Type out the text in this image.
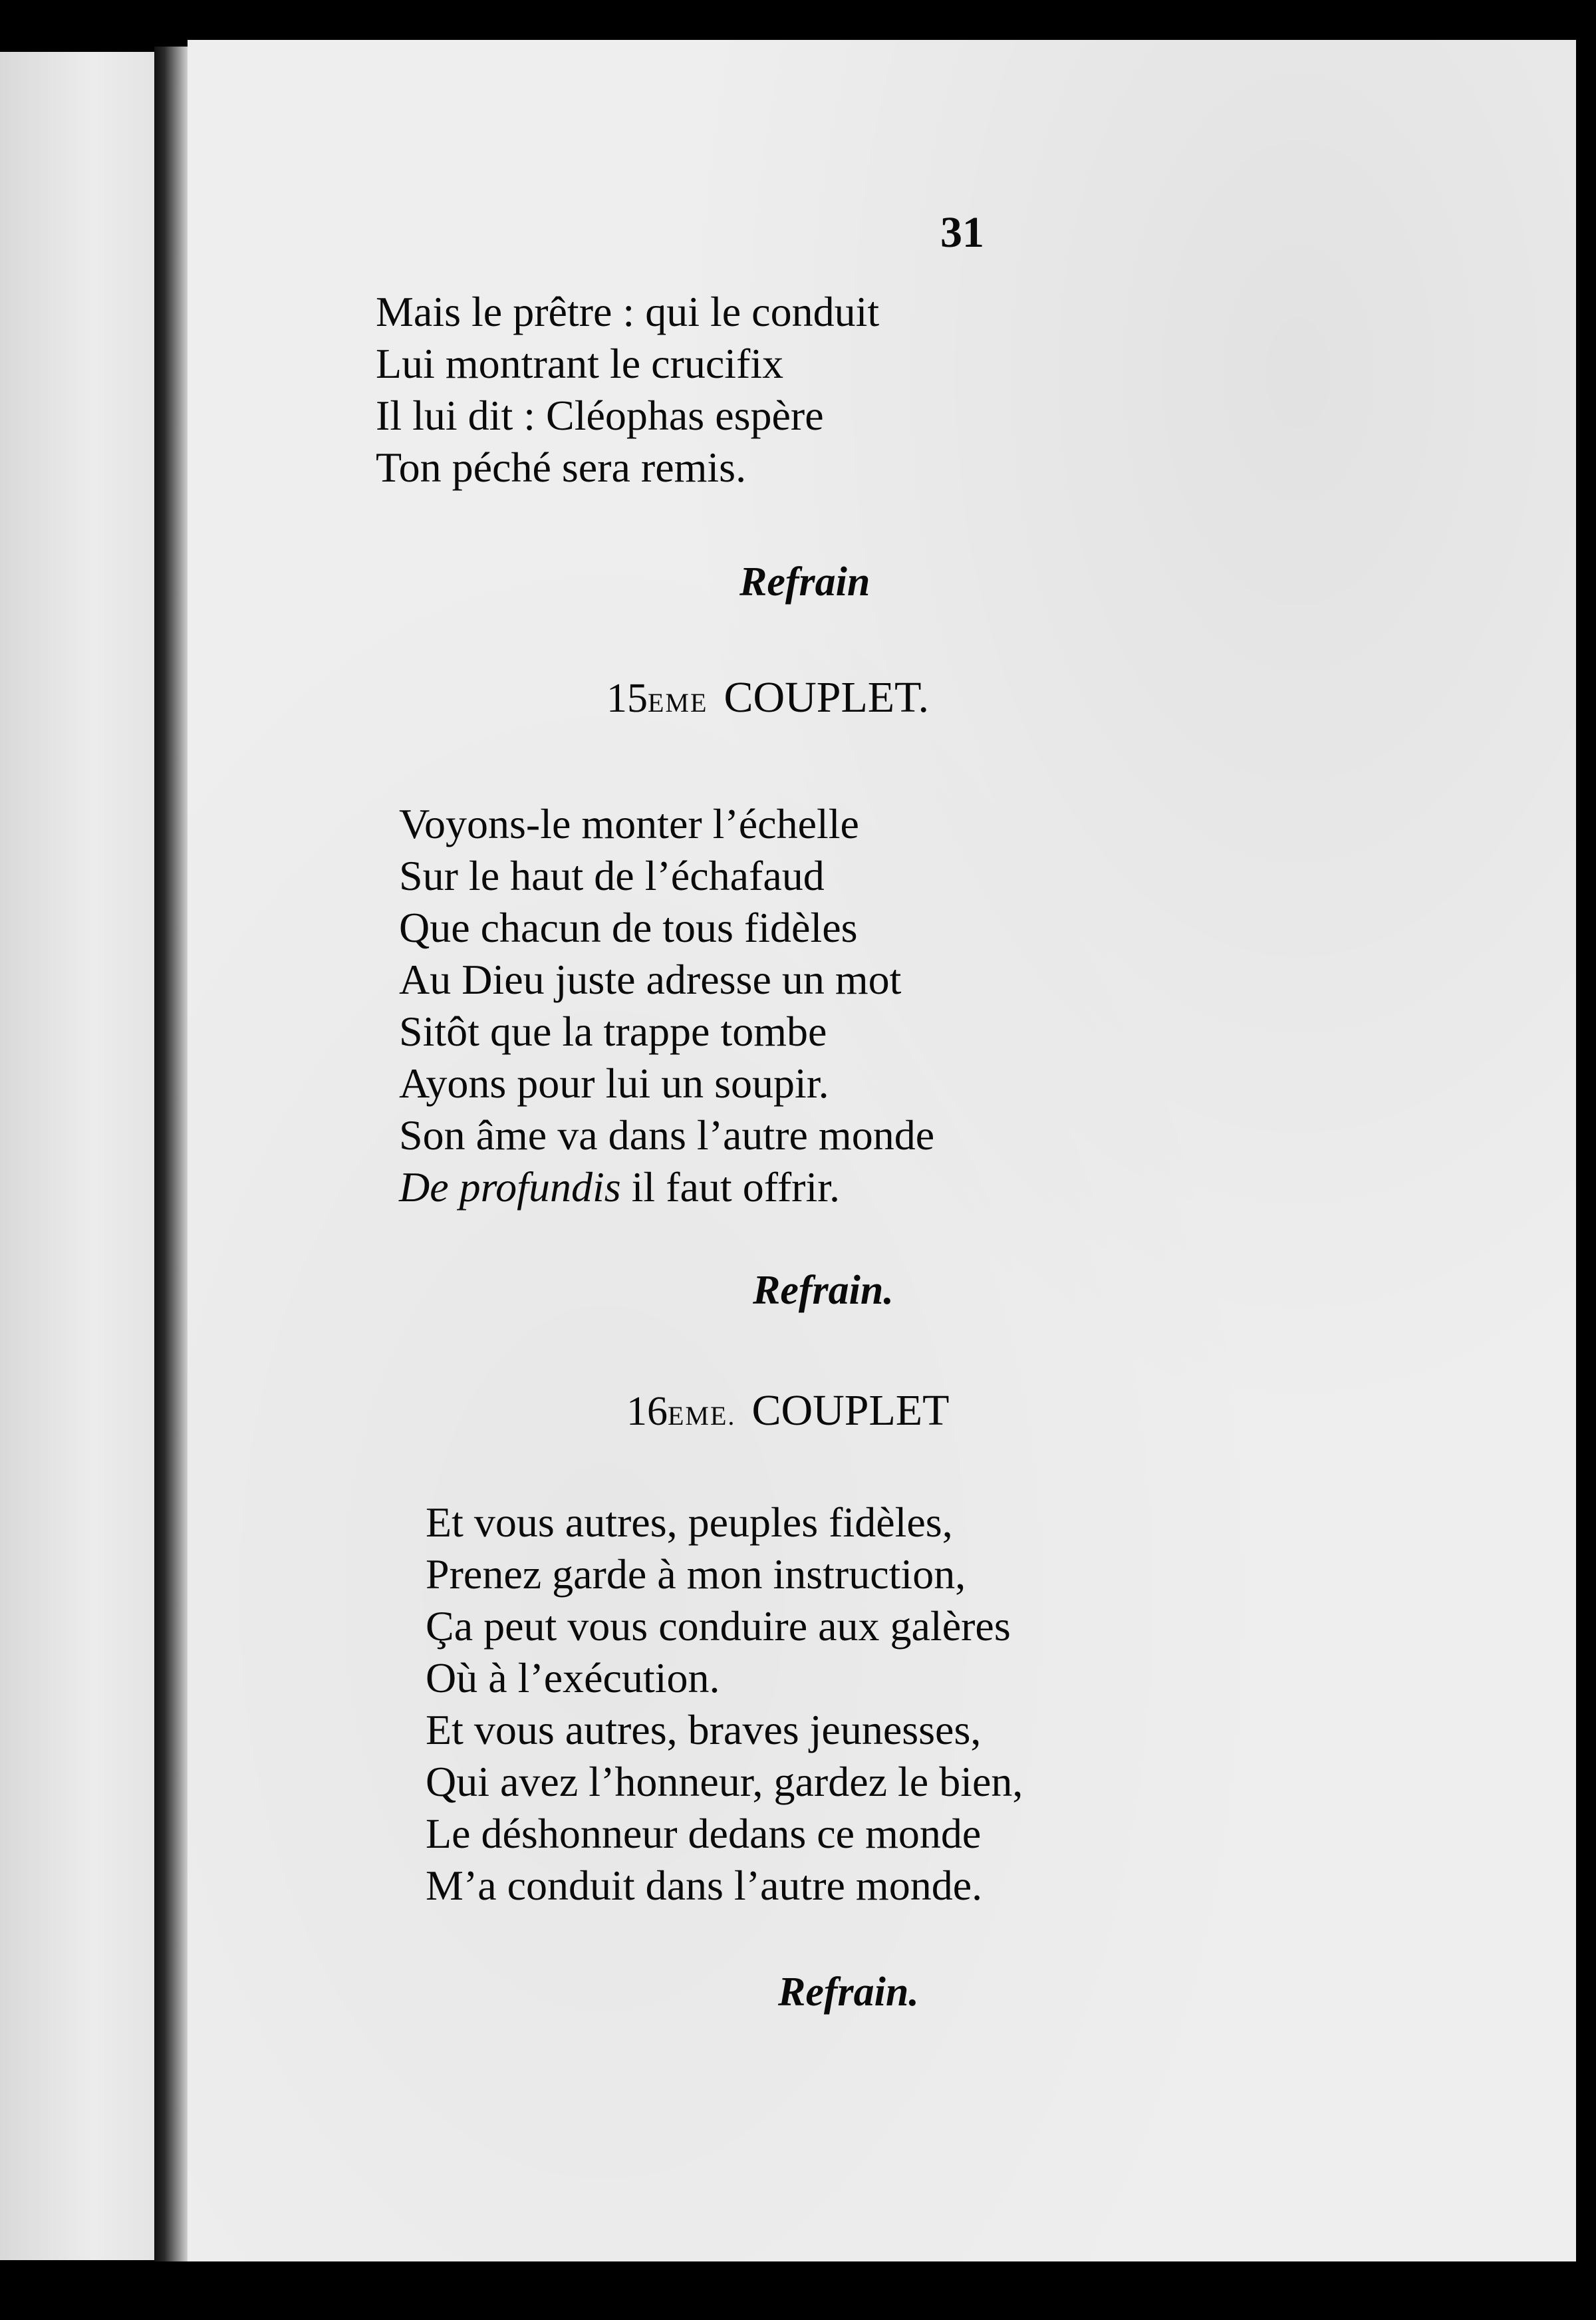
31
Mais le prêtre : qui le conduit
Lui montrant le crucifix
Il lui dit : Cléophas espère
Ton péché sera remis.
Refrain
15EME COUPLET.
Voyons-le monter l’échelle
Sur le haut de l’échafaud
Que chacun de tous fidèles
Au Dieu juste adresse un mot
Sitôt que la trappe tombe
Ayons pour lui un soupir.
Son âme va dans l’autre monde
De profundis il faut offrir.
Refrain.
16EME. COUPLET
Et vous autres, peuples fidèles,
Prenez garde à mon instruction,
Ça peut vous conduire aux galères
Où à l’exécution.
Et vous autres, braves jeunesses,
Qui avez l’honneur, gardez le bien,
Le déshonneur dedans ce monde
M’a conduit dans l’autre monde.
Refrain.
